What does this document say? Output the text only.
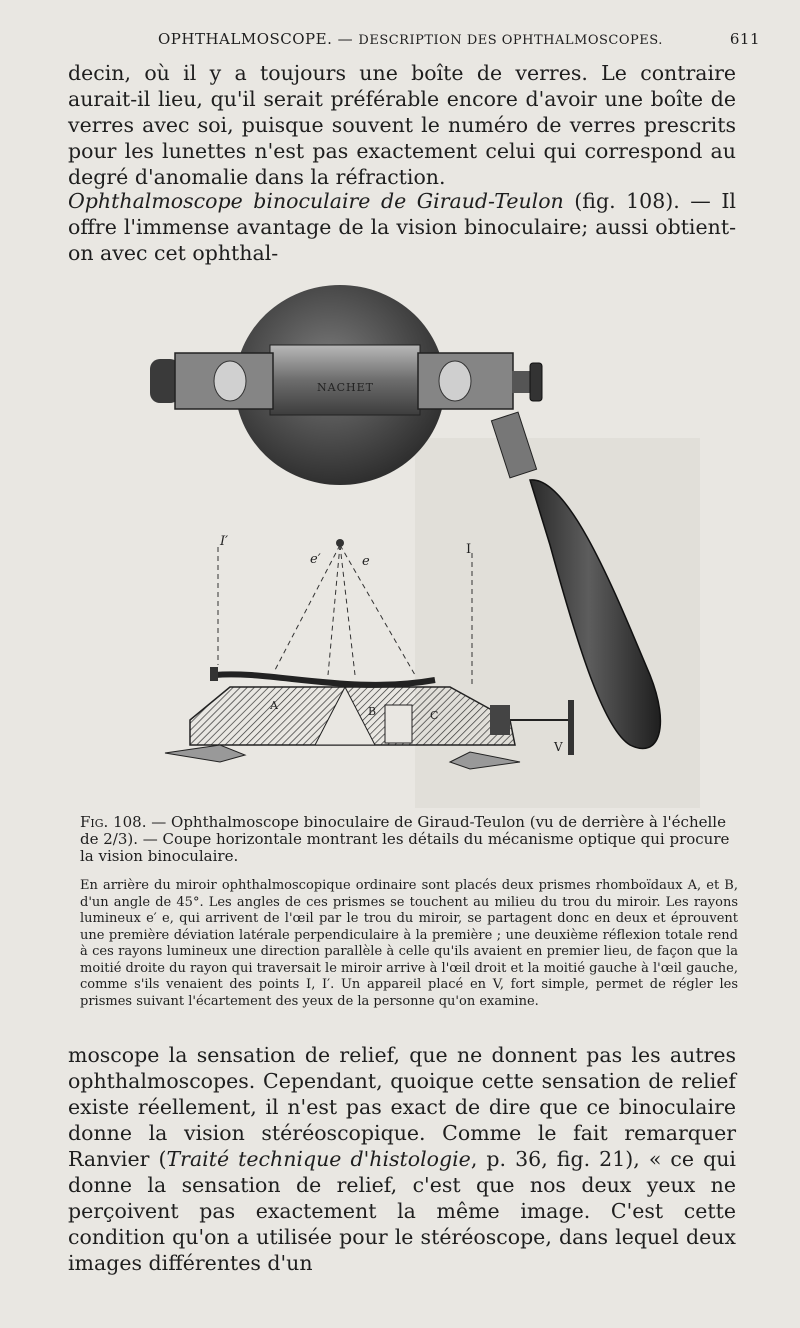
OPHTHALMOSCOPE. — DESCRIPTION DES OPHTHALMOSCOPES.	611
decin, où il y a toujours une boîte de verres. Le contraire aurait-il lieu, qu'il serait préférable encore d'avoir une boîte de verres avec soi, puisque souvent le numéro de verres prescrits pour les lunettes n'est pas exactement celui qui correspond au degré d'anomalie dans la réfraction.
Ophthalmoscope binoculaire de Giraud-Teulon (fig. 108). — Il offre l'immense avantage de la vision binoculaire; aussi obtient-on avec cet ophthal-
NACHET
I′
e′	e
I
A	B	C
V
Fig. 108. — Ophthalmoscope binoculaire de Giraud-Teulon (vu de derrière à l'échelle de 2/3). — Coupe horizontale montrant les détails du mécanisme optique qui procure la vision binoculaire.
En arrière du miroir ophthalmoscopique ordinaire sont placés deux prismes rhomboïdaux A, et B, d'un angle de 45°. Les angles de ces prismes se touchent au milieu du trou du miroir. Les rayons lumineux e′ e, qui arrivent de l'œil par le trou du miroir, se partagent donc en deux et éprouvent une première déviation latérale perpendiculaire à la première ; une deuxième réflexion totale rend à ces rayons lumineux une direction parallèle à celle qu'ils avaient en premier lieu, de façon que la moitié droite du rayon qui traversait le miroir arrive à l'œil droit et la moitié gauche à l'œil gauche, comme s'ils venaient des points I, I′. Un appareil placé en V, fort simple, permet de régler les prismes suivant l'écartement des yeux de la personne qu'on examine.
moscope la sensation de relief, que ne donnent pas les autres ophthalmoscopes. Cependant, quoique cette sensation de relief existe réellement, il n'est pas exact de dire que ce binoculaire donne la vision stéréoscopique. Comme le fait remarquer Ranvier (Traité technique d'histologie, p. 36, fig. 21), « ce qui donne la sensation de relief, c'est que nos deux yeux ne perçoivent pas exactement la même image. C'est cette condition qu'on a utilisée pour le stéréoscope, dans lequel deux images différentes d'un
